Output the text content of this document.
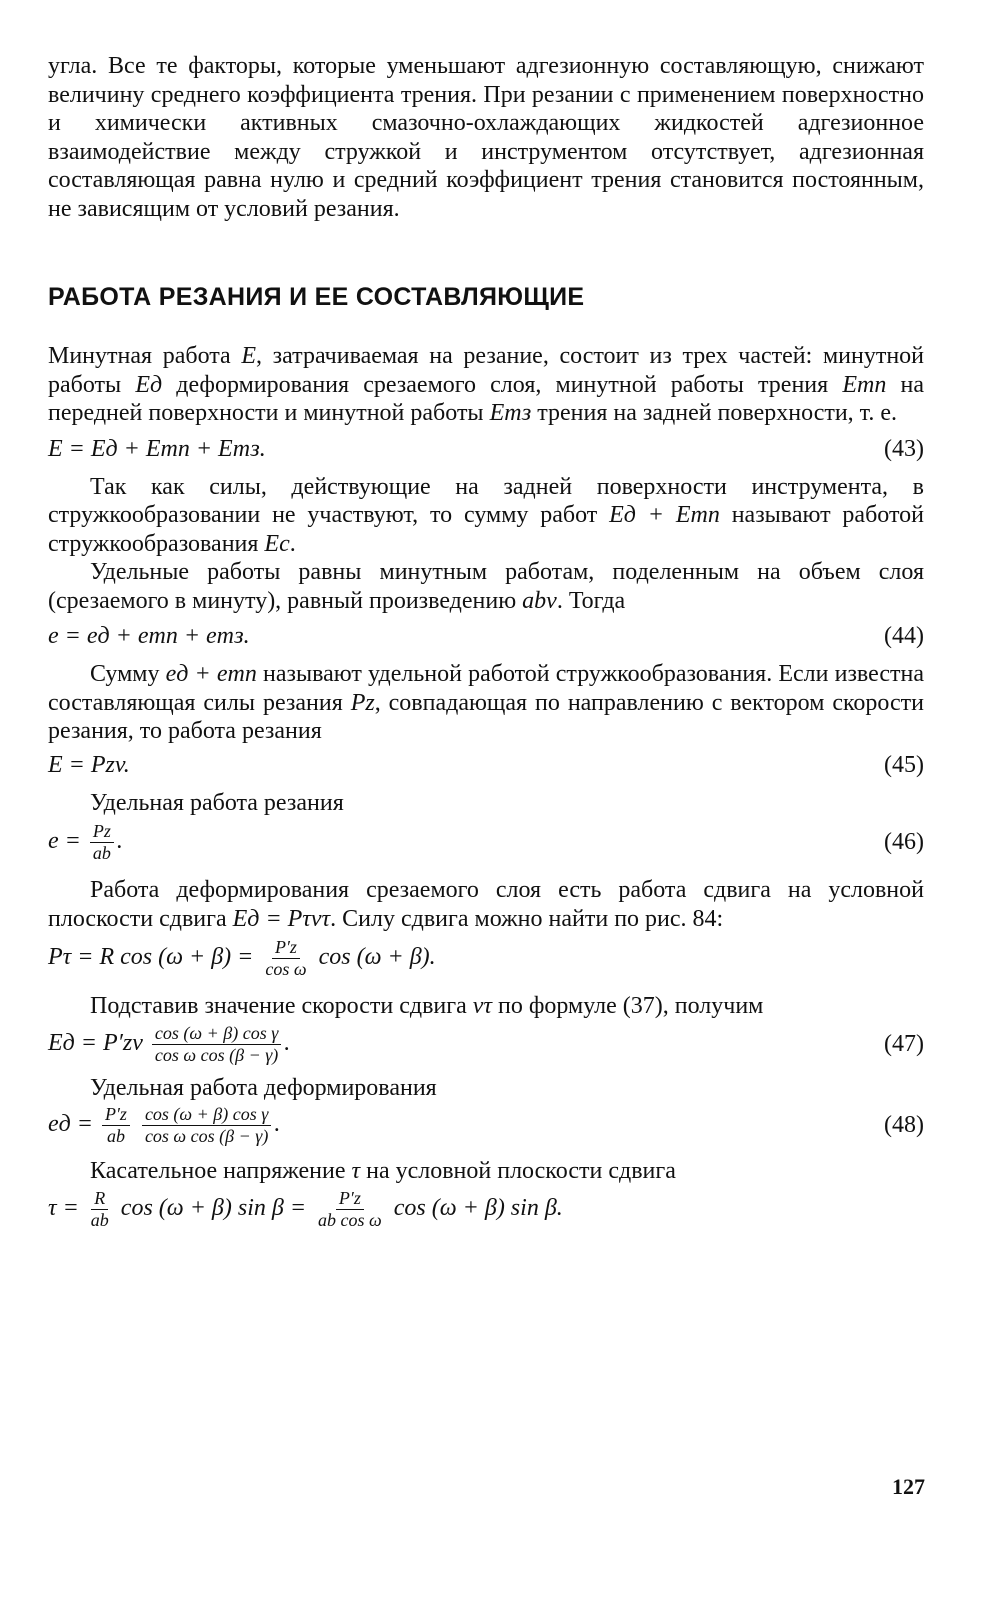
угла. Все те факторы, которые уменьшают адгезионную составляющую, снижают величину среднего коэффициента трения. При резании с применением поверхностно и химически активных смазочно-охлаждающих жидкостей адгезионное взаимодействие между стружкой и инструментом отсутствует, адгезионная составляющая равна нулю и средний коэффициент трения становится постоянным, не зависящим от условий резания.

РАБОТА РЕЗАНИЯ И ЕЕ СОСТАВЛЯЮЩИЕ

Минутная работа E, затрачиваемая на резание, состоит из трех частей: минутной работы Eд деформирования срезаемого слоя, минутной работы трения Eтп на передней поверхности и минутной работы Eтз трения на задней поверхности, т. е.

E = Eд + Eтп + Eтз.	(43)

Так как силы, действующие на задней поверхности инструмента, в стружкообразовании не участвуют, то сумму работ Eд + Eтп называют работой стружкообразования Eс.

Удельные работы равны минутным работам, поделенным на объем слоя (срезаемого в минуту), равный произведению abv. Тогда

e = eд + eтп + eтз.	(44)

Сумму eд + eтп называют удельной работой стружкообразования. Если известна составляющая силы резания Pz, совпадающая по направлению с вектором скорости резания, то работа резания

E = Pzv.	(45)

Удельная работа резания

$e = \frac{Pz}{ab}$ .	(46)

Работа деформирования срезаемого слоя есть работа сдвига на условной плоскости сдвига Eд = Pτvτ. Силу сдвига можно найти по рис. 84:

Pτ = R $\cos (\omega + \beta) = \frac{P'z}{\text{cos ω}}$ cos (ω + β).

Подставив значение скорости сдвига vτ по формуле (37), получим

Eд = $P'zv \frac{\text{cos (ω + β) cos γ}}{\text{cos ω cos (β − γ)}}$ .	(47)

Удельная работа деформирования

eд = $\frac{P'z}{ab}$
$\frac{\text{cos (ω + β) cos γ}}{\text{cos ω cos (β − γ)}}$ .	(48)

Касательное напряжение τ на условной плоскости сдвига

$\tau = \frac{R}{ab}$ cos (ω + β) $\sin \beta = \frac{P'z}{\text{ab cos ω}}$ cos (ω + β) sin β.
127
